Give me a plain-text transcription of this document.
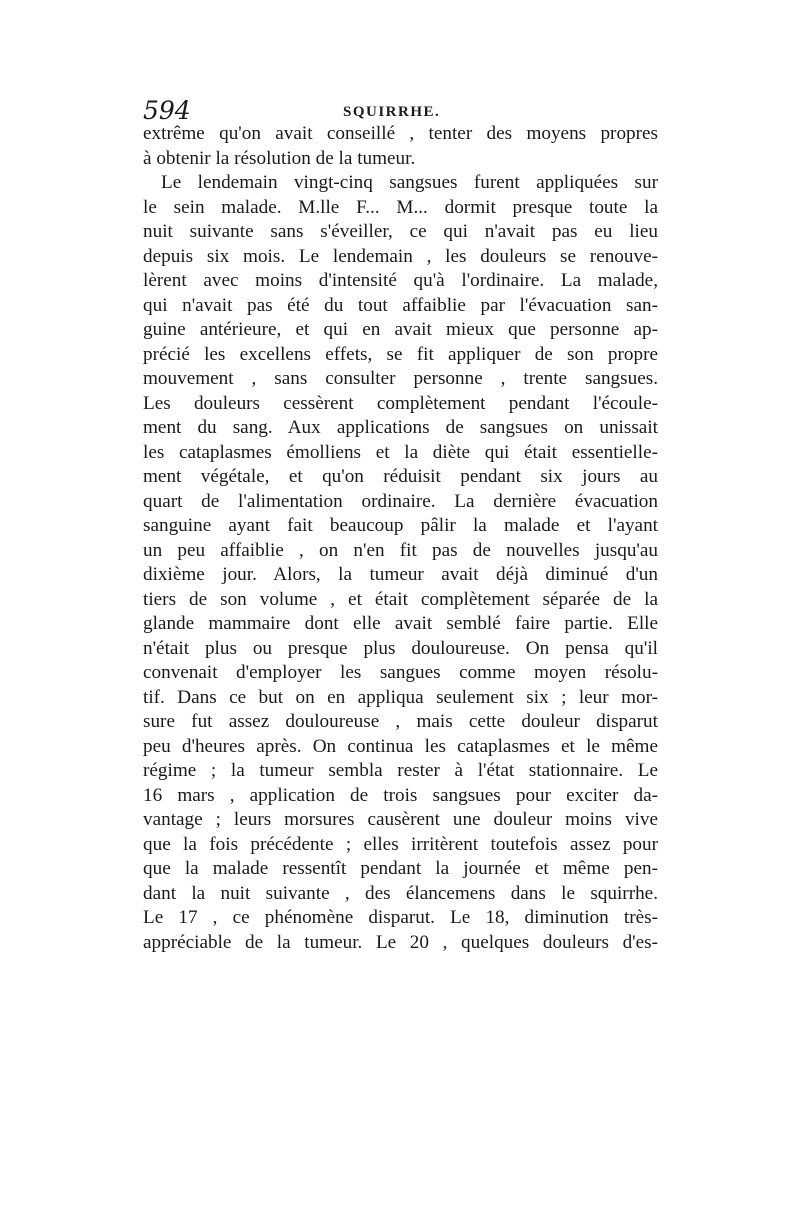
594	SQUIRRHE.
extrême qu'on avait conseillé , tenter des moyens propres
à obtenir la résolution de la tumeur.
Le lendemain vingt-cinq sangsues furent appliquées sur
le sein malade. M.lle F... M... dormit presque toute la
nuit suivante sans s'éveiller, ce qui n'avait pas eu lieu
depuis six mois. Le lendemain , les douleurs se renouve-
lèrent avec moins d'intensité qu'à l'ordinaire. La malade,
qui n'avait pas été du tout affaiblie par l'évacuation san-
guine antérieure, et qui en avait mieux que personne ap-
précié les excellens effets, se fit appliquer de son propre
mouvement , sans consulter personne , trente sangsues.
Les douleurs cessèrent complètement pendant l'écoule-
ment du sang. Aux applications de sangsues on unissait
les cataplasmes émolliens et la diète qui était essentielle-
ment végétale, et qu'on réduisit pendant six jours au
quart de l'alimentation ordinaire. La dernière évacuation
sanguine ayant fait beaucoup pâlir la malade et l'ayant
un peu affaiblie , on n'en fit pas de nouvelles jusqu'au
dixième jour. Alors, la tumeur avait déjà diminué d'un
tiers de son volume , et était complètement séparée de la
glande mammaire dont elle avait semblé faire partie. Elle
n'était plus ou presque plus douloureuse. On pensa qu'il
convenait d'employer les sangues comme moyen résolu-
tif. Dans ce but on en appliqua seulement six ; leur mor-
sure fut assez douloureuse , mais cette douleur disparut
peu d'heures après. On continua les cataplasmes et le même
régime ; la tumeur sembla rester à l'état stationnaire. Le
16 mars , application de trois sangsues pour exciter da-
vantage ; leurs morsures causèrent une douleur moins vive
que la fois précédente ; elles irritèrent toutefois assez pour
que la malade ressentît pendant la journée et même pen-
dant la nuit suivante , des élancemens dans le squirrhe.
Le 17 , ce phénomène disparut. Le 18, diminution très-
appréciable de la tumeur. Le 20 , quelques douleurs d'es-
